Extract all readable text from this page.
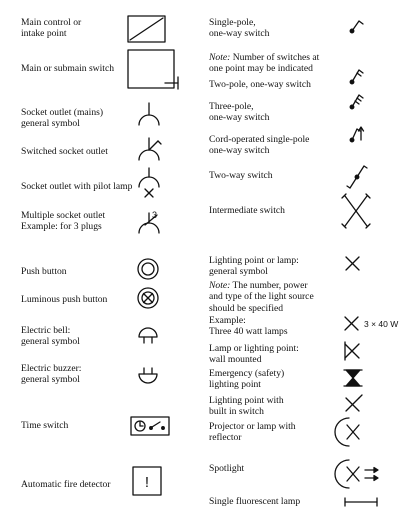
Main control or
intake point
Main or submain switch
Socket outlet (mains)
general symbol
Switched socket outlet
Socket outlet with pilot lamp
Multiple socket outlet
Example: for 3 plugs
Push button
Luminous push button
Electric bell:
general symbol
Electric buzzer:
general symbol
Time switch
Automatic fire detector
Single-pole,
one-way switch
Note: Number of switches at
one point may be indicated
Two-pole, one-way switch
Three-pole,
one-way switch
Cord-operated single-pole
one-way switch
Two-way switch
Intermediate switch
Lighting point or lamp:
general symbol
Note: The number, power
and type of the light source
should be specified
Example:
Three 40 watt lamps
Lamp or lighting point:
wall mounted
Emergency (safety)
lighting point
Lighting point with
built in switch
Projector or lamp with
reflector
Spotlight
Single fluorescent lamp
3
!
3 × 40 W
